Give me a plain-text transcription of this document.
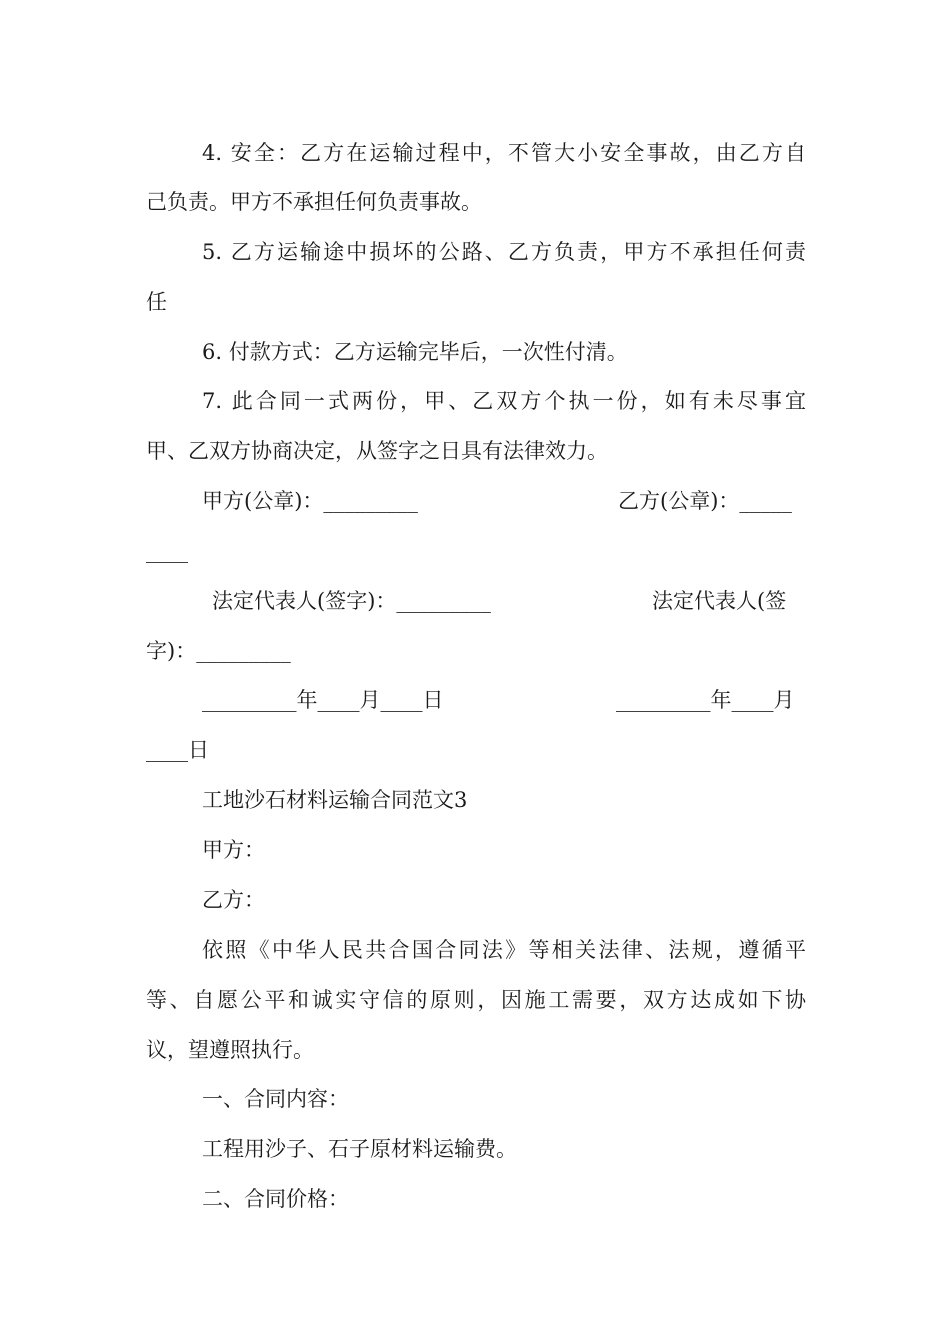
4. 安全：乙方在运输过程中，不管大小安全事故，由乙方自
己负责。甲方不承担任何负责事故。
5. 乙方运输途中损坏的公路、乙方负责，甲方不承担任何责
任
6. 付款方式：乙方运输完毕后，一次性付清。
7. 此合同一式两份，甲、乙双方个执一份，如有未尽事宜
甲、乙双方协商决定，从签字之日具有法律效力。
甲方(公章)：_________	乙方(公章)：_____
____
法定代表人(签字)：_________	法定代表人(签
字)：_________
_________年____月____日	_________年____月
____日
工地沙石材料运输合同范文3
甲方：
乙方：
依照《中华人民共合国合同法》等相关法律、法规，遵循平
等、自愿公平和诚实守信的原则，因施工需要，双方达成如下协
议，望遵照执行。
一、合同内容：
工程用沙子、石子原材料运输费。
二、合同价格：
